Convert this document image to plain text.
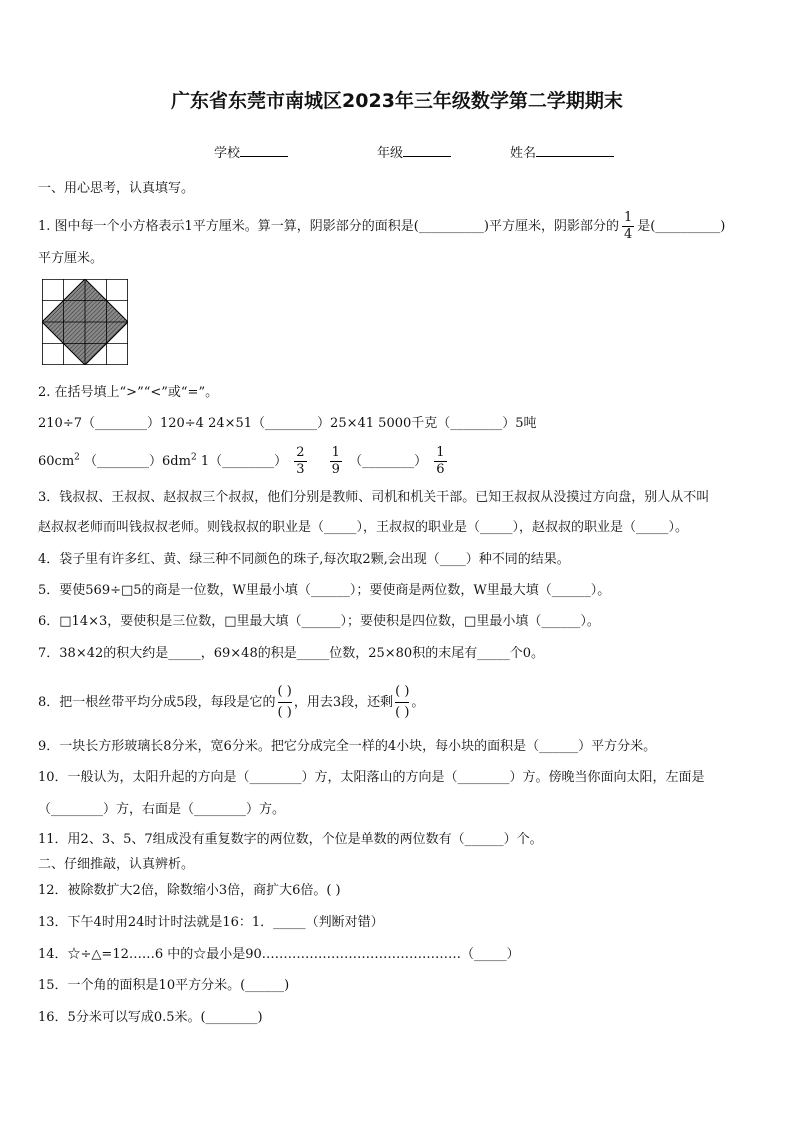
广东省东莞市南城区2023年三年级数学第二学期期末
学校	年级	姓名
一、用心思考，认真填写。
1. 图中每一个小方格表示1平方厘米。算一算，阴影部分的面积是(__________)平方厘米，阴影部分的 $\frac{1}{4}$ 是(__________)
平方厘米。
2. 在括号填上“>”“<”或“=”。
210÷7（________）120÷4 24×51（________）25×41 5000千克（________）5吨
$60cm^2$ $(\_\_\_\_\_\_\_\_)6dm^2$ 1（________） $\frac{2}{3}$
$\frac{1}{9}$ （________） $\frac{1}{6}$
3．钱叔叔、王叔叔、赵叔叔三个叔叔，他们分别是教师、司机和机关干部。已知王叔叔从没摸过方向盘，别人从不叫
赵叔叔老师而叫钱叔叔老师。则钱叔叔的职业是（_____），王叔叔的职业是（_____），赵叔叔的职业是（_____）。
4．袋子里有许多红、黄、绿三种不同颜色的珠子,每次取2颗,会出现（____）种不同的结果。
5．要使569÷□5的商是一位数，W里最小填（______）；要使商是两位数，W里最大填（______）。
6．□14×3，要使积是三位数，□里最大填（______）；要使积是四位数，□里最小填（______）。
7．38×42的积大约是_____，69×48的积是_____位数，25×80积的末尾有_____个0。
8．把一根丝带平均分成5段，每段是它的
( )
( )
，用去3段，还剩
( )
( )
。
9．一块长方形玻璃长8分米，宽6分米。把它分成完全一样的4小块，每小块的面积是（______）平方分米。
10．一般认为，太阳升起的方向是（________）方，太阳落山的方向是（________）方。傍晚当你面向太阳，左面是
（________）方，右面是（________）方。
11．用2、3、5、7组成没有重复数字的两位数，个位是单数的两位数有（______）个。
二、仔细推敲，认真辨析。
12．被除数扩大2倍，除数缩小3倍，商扩大6倍。( )
13．下午4时用24时计时法就是16：1．_____（判断对错）
14．☆÷△=12……6 中的☆最小是90.………………………………………（_____）
15．一个角的面积是10平方分米。(______)
16．5分米可以写成0.5米。(________)
